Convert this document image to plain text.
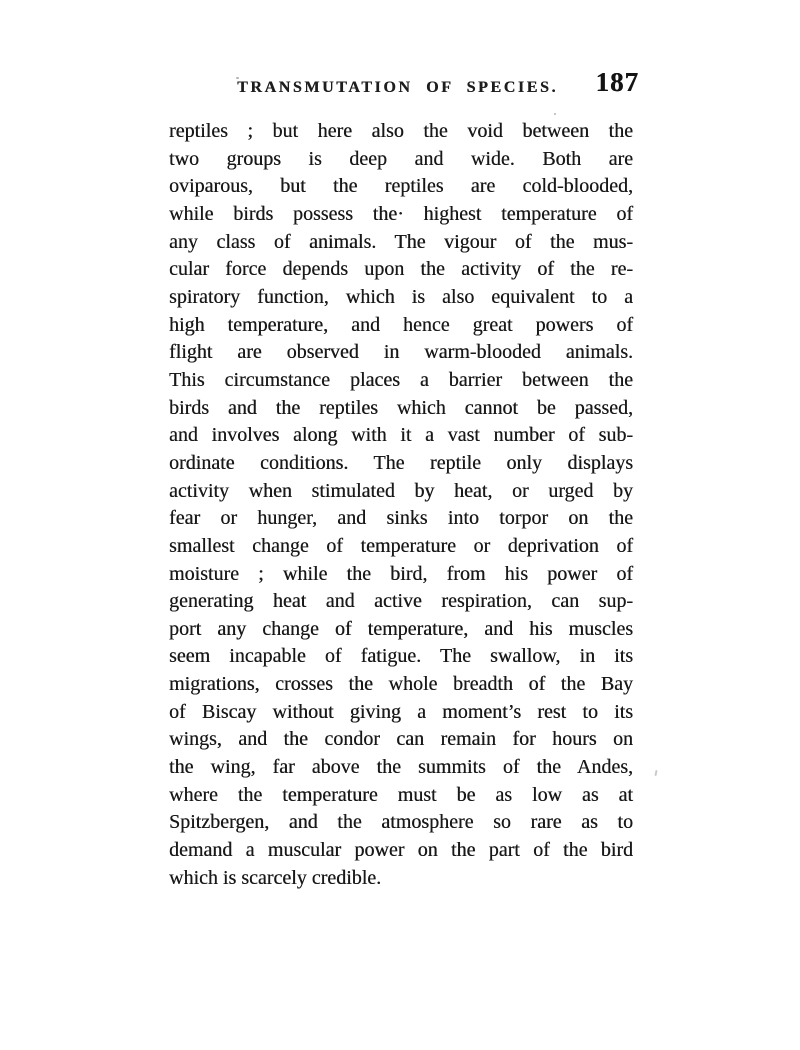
TRANSMUTATION OF SPECIES. 187
reptiles ; but here also the void between the
two groups is deep and wide. Both are
oviparous, but the reptiles are cold-blooded,
while birds possess the· highest temperature of
any class of animals. The vigour of the mus-
cular force depends upon the activity of the re-
spiratory function, which is also equivalent to a
high temperature, and hence great powers of
flight are observed in warm-blooded animals.
This circumstance places a barrier between the
birds and the reptiles which cannot be passed,
and involves along with it a vast number of sub-
ordinate conditions. The reptile only displays
activity when stimulated by heat, or urged by
fear or hunger, and sinks into torpor on the
smallest change of temperature or deprivation of
moisture ; while the bird, from his power of
generating heat and active respiration, can sup-
port any change of temperature, and his muscles
seem incapable of fatigue. The swallow, in its
migrations, crosses the whole breadth of the Bay
of Biscay without giving a moment’s rest to its
wings, and the condor can remain for hours on
the wing, far above the summits of the Andes,
where the temperature must be as low as at
Spitzbergen, and the atmosphere so rare as to
demand a muscular power on the part of the bird
which is scarcely credible.
